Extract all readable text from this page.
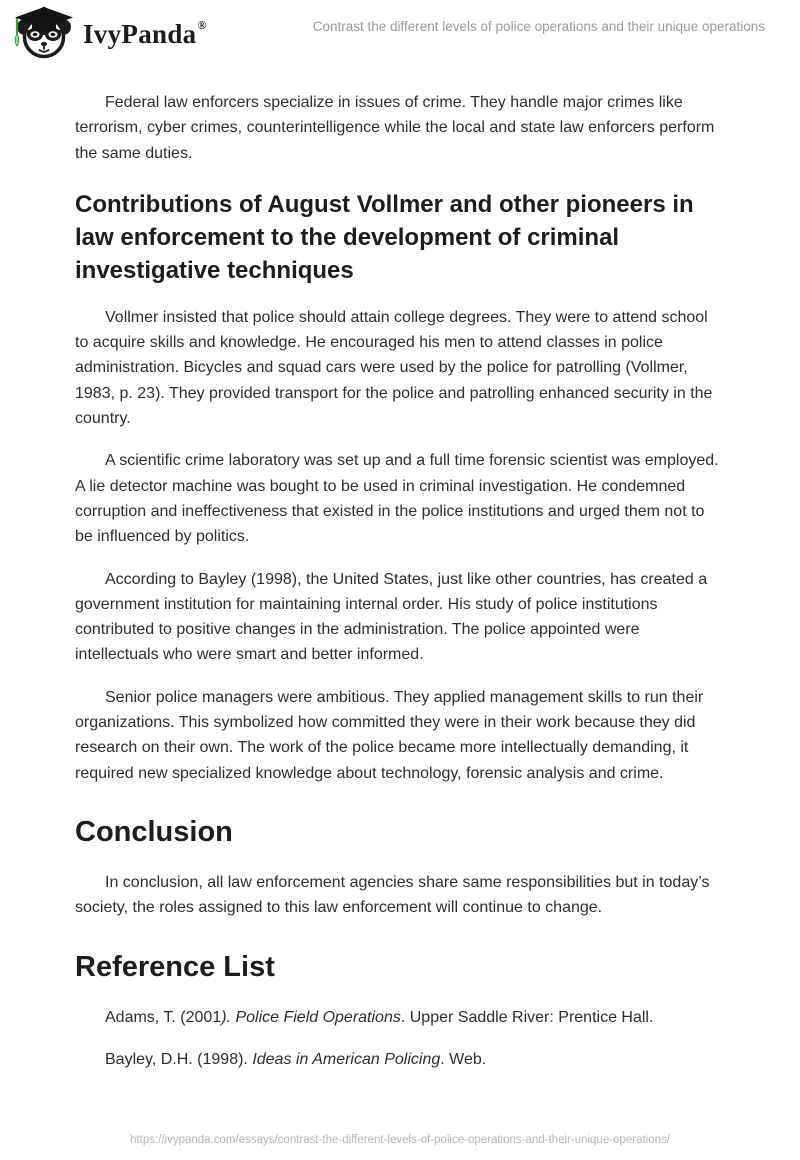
IvyPanda®	Contrast the different levels of police operations and their unique operations

Federal law enforcers specialize in issues of crime. They handle major crimes like terrorism, cyber crimes, counterintelligence while the local and state law enforcers perform the same duties.

Contributions of August Vollmer and other pioneers in law enforcement to the development of criminal investigative techniques

Vollmer insisted that police should attain college degrees. They were to attend school to acquire skills and knowledge. He encouraged his men to attend classes in police administration. Bicycles and squad cars were used by the police for patrolling (Vollmer, 1983, p. 23). They provided transport for the police and patrolling enhanced security in the country.

A scientific crime laboratory was set up and a full time forensic scientist was employed. A lie detector machine was bought to be used in criminal investigation. He condemned corruption and ineffectiveness that existed in the police institutions and urged them not to be influenced by politics.

According to Bayley (1998), the United States, just like other countries, has created a government institution for maintaining internal order. His study of police institutions contributed to positive changes in the administration. The police appointed were intellectuals who were smart and better informed.

Senior police managers were ambitious. They applied management skills to run their organizations. This symbolized how committed they were in their work because they did research on their own. The work of the police became more intellectually demanding, it required new specialized knowledge about technology, forensic analysis and crime.

Conclusion

In conclusion, all law enforcement agencies share same responsibilities but in today’s society, the roles assigned to this law enforcement will continue to change.

Reference List

Adams, T. (2001). Police Field Operations. Upper Saddle River: Prentice Hall.

Bayley, D.H. (1998). Ideas in American Policing. Web.

https://ivypanda.com/essays/contrast-the-different-levels-of-police-operations-and-their-unique-operations/
